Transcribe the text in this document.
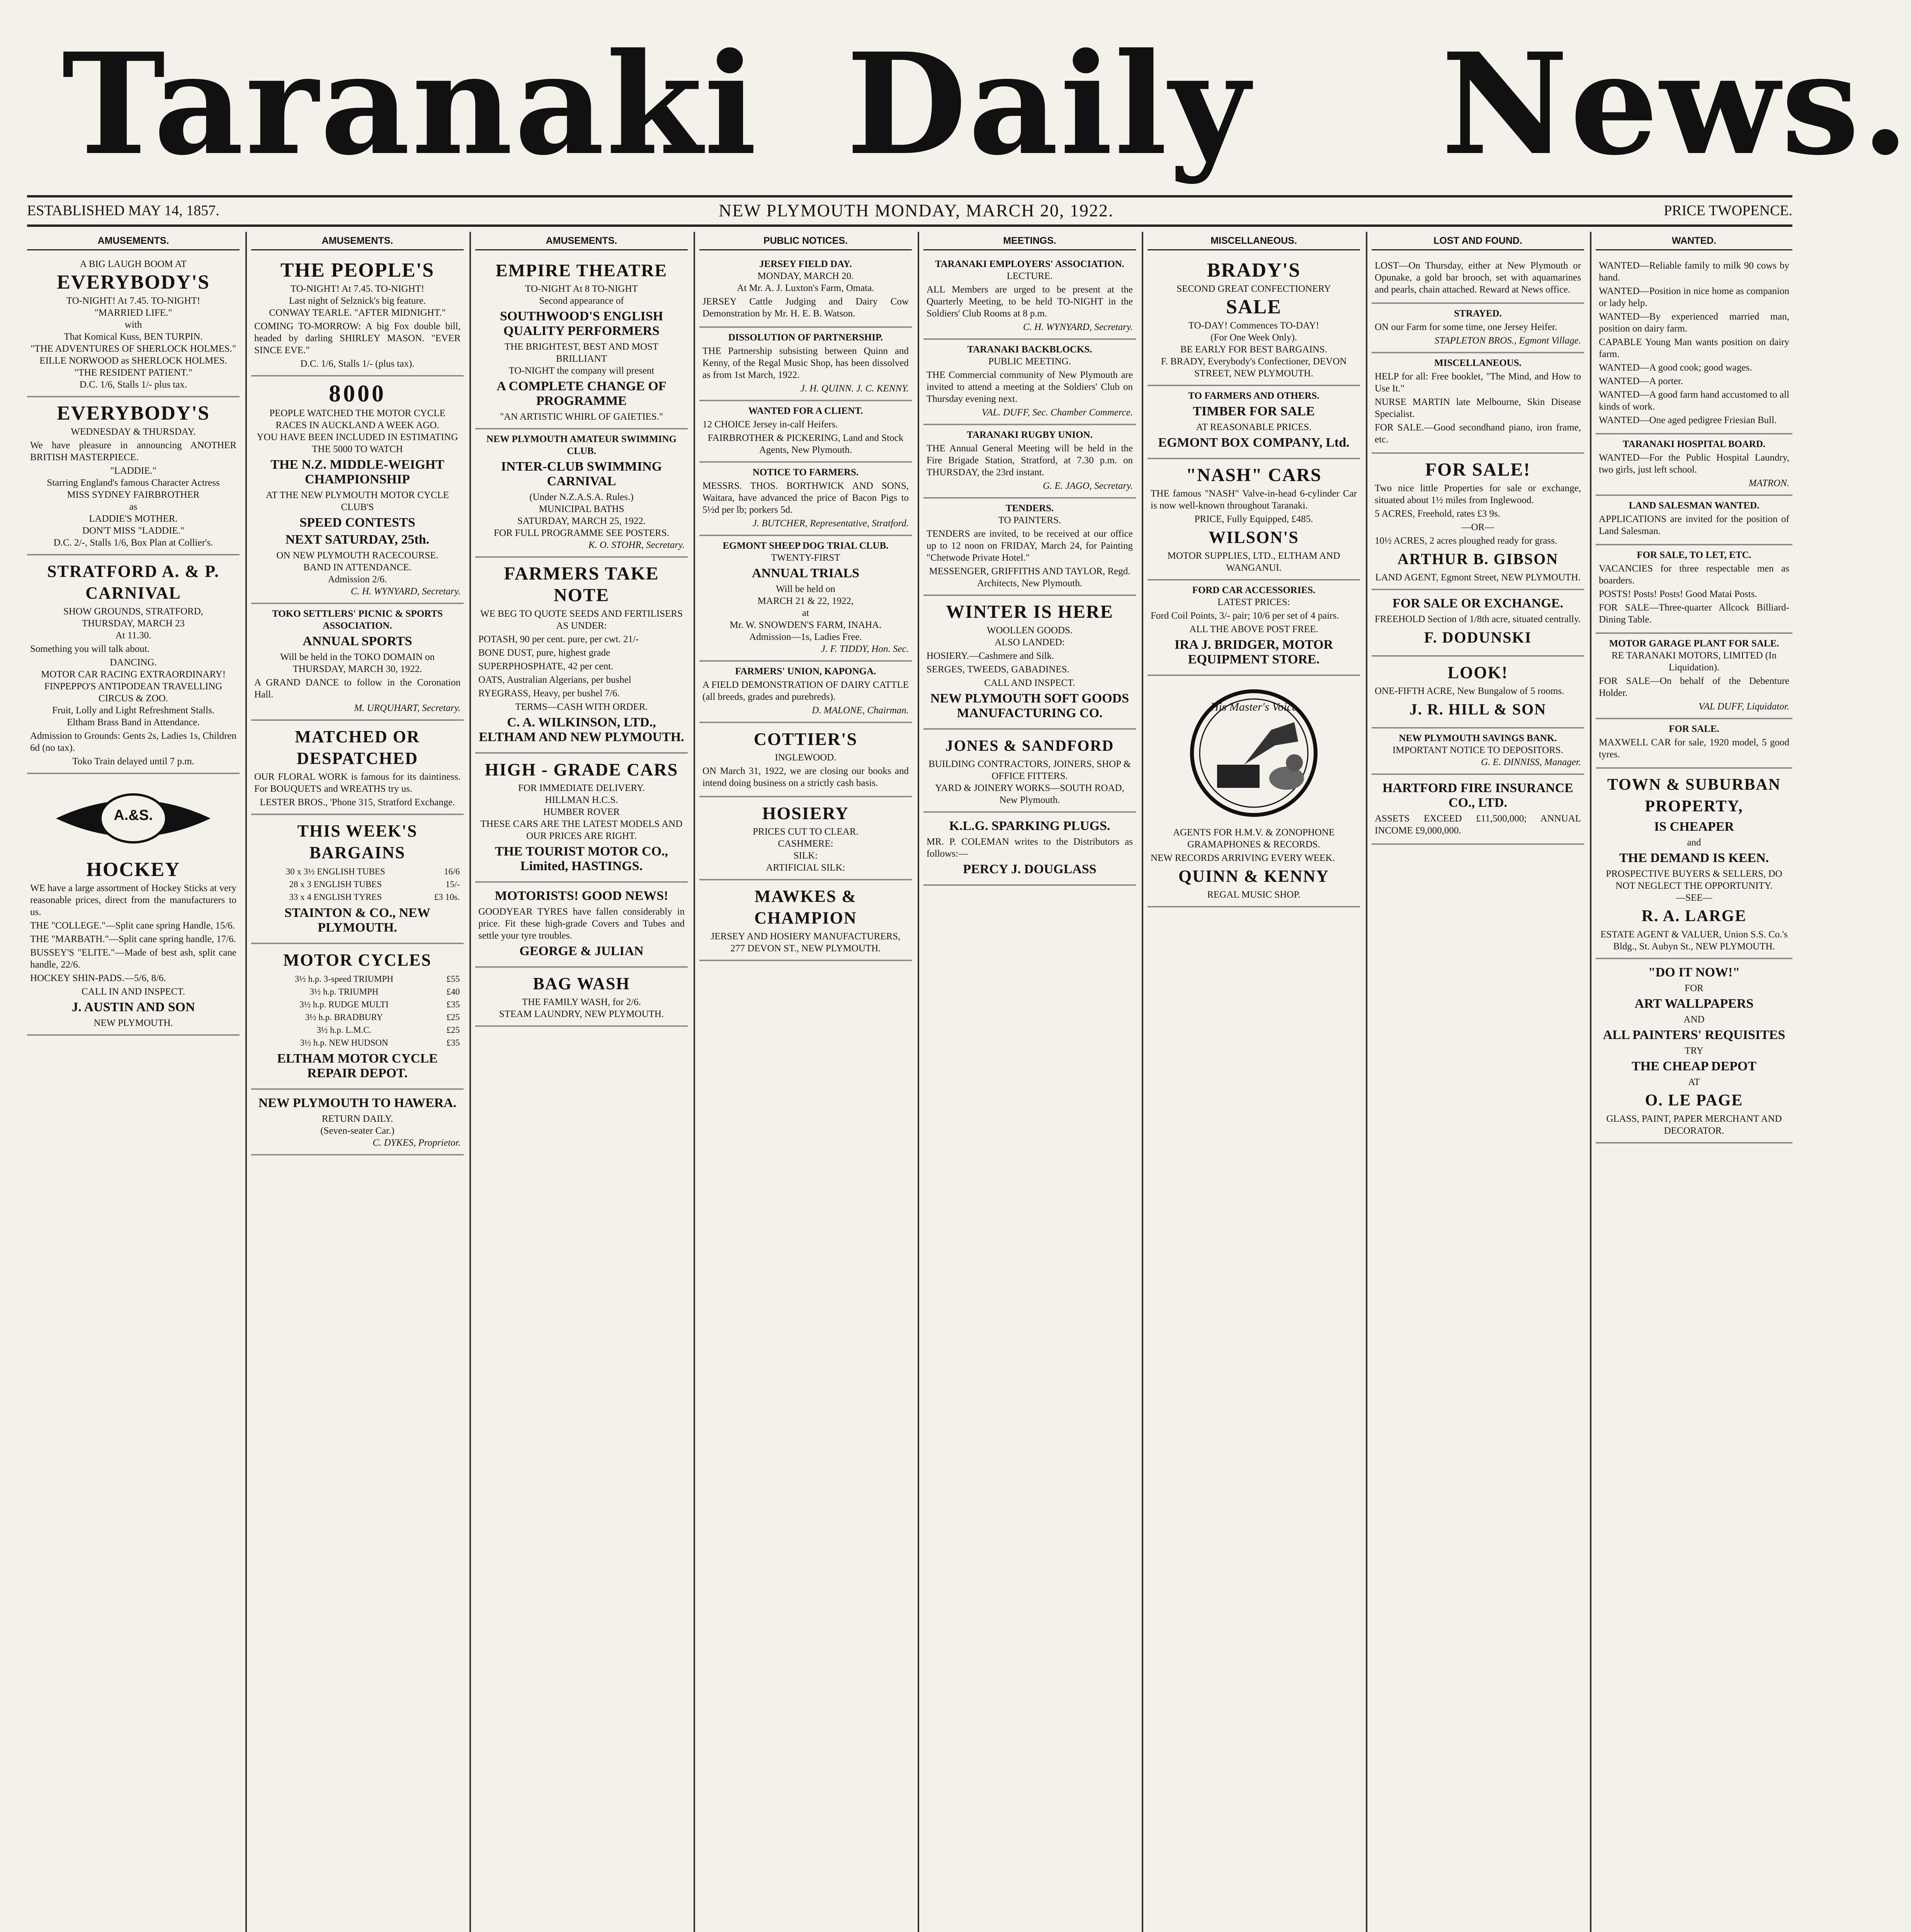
Taranaki Daily News.
ESTABLISHED MAY 14, 1857.	NEW PLYMOUTH MONDAY, MARCH 20, 1922.	PRICE TWOPENCE.
AMUSEMENTS.
A BIG LAUGH BOOM AT
EVERYBODY'S
TO-NIGHT! At 7.45. TO-NIGHT!
"MARRIED LIFE."
with
That Komical Kuss, BEN TURPIN.
"THE ADVENTURES OF SHERLOCK HOLMES."
EILLE NORWOOD as SHERLOCK HOLMES.
"THE RESIDENT PATIENT."
D.C. 1/6, Stalls 1/- plus tax.
EVERYBODY'S
WEDNESDAY & THURSDAY.

We have pleasure in announcing ANOTHER BRITISH MASTERPIECE.

"LADDIE."
Starring England's famous Character Actress
MISS SYDNEY FAIRBROTHER
as
LADDIE'S MOTHER.
DON'T MISS "LADDIE."
D.C. 2/-, Stalls 1/6, Box Plan at Collier's.
STRATFORD A. & P. CARNIVAL
SHOW GROUNDS, STRATFORD,
THURSDAY, MARCH 23
At 11.30.

Something you will talk about.

DANCING.
MOTOR CAR RACING EXTRAORDINARY!
FINPEPPO'S ANTIPODEAN TRAVELLING CIRCUS & ZOO.
Fruit, Lolly and Light Refreshment Stalls.
Eltham Brass Band in Attendance.

Admission to Grounds: Gents 2s, Ladies 1s, Children 6d (no tax).

Toko Train delayed until 7 p.m.
A.&S.
HOCKEY

WE have a large assortment of Hockey Sticks at very reasonable prices, direct from the manufacturers to us.

THE "COLLEGE."—Split cane spring Handle, 15/6.

THE "MARBATH."—Split cane spring handle, 17/6.

BUSSEY'S "ELITE."—Made of best ash, split cane handle, 22/6.

HOCKEY SHIN-PADS.—5/6, 8/6.

CALL IN AND INSPECT.
J. AUSTIN AND SON
NEW PLYMOUTH.
AMUSEMENTS.
THE PEOPLE'S
TO-NIGHT! At 7.45. TO-NIGHT!
Last night of Selznick's big feature.
CONWAY TEARLE. "AFTER MIDNIGHT."

COMING TO-MORROW: A big Fox double bill, headed by darling SHIRLEY MASON. "EVER SINCE EVE."

D.C. 1/6, Stalls 1/- (plus tax).
8000
PEOPLE WATCHED THE MOTOR CYCLE RACES IN AUCKLAND A WEEK AGO.
YOU HAVE BEEN INCLUDED IN ESTIMATING THE 5000 TO WATCH
THE N.Z. MIDDLE-WEIGHT CHAMPIONSHIP
AT THE NEW PLYMOUTH MOTOR CYCLE CLUB'S
SPEED CONTESTS
NEXT SATURDAY, 25th.
ON NEW PLYMOUTH RACECOURSE.
BAND IN ATTENDANCE.
Admission 2/6.
C. H. WYNYARD, Secretary.
TOKO SETTLERS' PICNIC & SPORTS ASSOCIATION.
ANNUAL SPORTS
Will be held in the TOKO DOMAIN on
THURSDAY, MARCH 30, 1922.

A GRAND DANCE to follow in the Coronation Hall.

M. URQUHART, Secretary.
MATCHED OR DESPATCHED

OUR FLORAL WORK is famous for its daintiness. For BOUQUETS and WREATHS try us.

LESTER BROS., 'Phone 315, Stratford Exchange.
THIS WEEK'S BARGAINS
30 x 3½ ENGLISH TUBES	16/6
28 x 3 ENGLISH TUBES	15/-
33 x 4 ENGLISH TYRES	£3 10s.
STAINTON & CO., NEW PLYMOUTH.
MOTOR CYCLES
3½ h.p. 3-speed TRIUMPH	£55
3½ h.p. TRIUMPH	£40
3½ h.p. RUDGE MULTI	£35
3½ h.p. BRADBURY	£25
3½ h.p. L.M.C.	£25
3½ h.p. NEW HUDSON	£35
ELTHAM MOTOR CYCLE REPAIR DEPOT.
NEW PLYMOUTH TO HAWERA.
RETURN DAILY.
(Seven-seater Car.)
C. DYKES, Proprietor.
AMUSEMENTS.
EMPIRE THEATRE
TO-NIGHT At 8 TO-NIGHT
Second appearance of
SOUTHWOOD'S ENGLISH QUALITY PERFORMERS
THE BRIGHTEST, BEST AND MOST BRILLIANT
TO-NIGHT the company will present
A COMPLETE CHANGE OF PROGRAMME
"AN ARTISTIC WHIRL OF GAIETIES."
NEW PLYMOUTH AMATEUR SWIMMING CLUB.
INTER-CLUB SWIMMING CARNIVAL
(Under N.Z.A.S.A. Rules.)
MUNICIPAL BATHS
SATURDAY, MARCH 25, 1922.
FOR FULL PROGRAMME SEE POSTERS.
K. O. STOHR, Secretary.
FARMERS TAKE NOTE
WE BEG TO QUOTE SEEDS AND FERTILISERS AS UNDER:

POTASH, 90 per cent. pure, per cwt. 21/-

BONE DUST, pure, highest grade

SUPERPHOSPHATE, 42 per cent.

OATS, Australian Algerians, per bushel

RYEGRASS, Heavy, per bushel 7/6.

TERMS—CASH WITH ORDER.
C. A. WILKINSON, LTD., ELTHAM AND NEW PLYMOUTH.
HIGH - GRADE CARS
FOR IMMEDIATE DELIVERY.
HILLMAN H.C.S.
HUMBER ROVER
THESE CARS ARE THE LATEST MODELS AND OUR PRICES ARE RIGHT.
THE TOURIST MOTOR CO., Limited, HASTINGS.
MOTORISTS! GOOD NEWS!

GOODYEAR TYRES have fallen considerably in price. Fit these high-grade Covers and Tubes and settle your tyre troubles.

GEORGE & JULIAN
BAG WASH
THE FAMILY WASH, for 2/6.
STEAM LAUNDRY, NEW PLYMOUTH.
PUBLIC NOTICES.
JERSEY FIELD DAY.
MONDAY, MARCH 20.
At Mr. A. J. Luxton's Farm, Omata.

JERSEY Cattle Judging and Dairy Cow Demonstration by Mr. H. E. B. Watson.

DISSOLUTION OF PARTNERSHIP.

THE Partnership subsisting between Quinn and Kenny, of the Regal Music Shop, has been dissolved as from 1st March, 1922.

J. H. QUINN. J. C. KENNY.
WANTED FOR A CLIENT.

12 CHOICE Jersey in-calf Heifers.

FAIRBROTHER & PICKERING, Land and Stock Agents, New Plymouth.
NOTICE TO FARMERS.

MESSRS. THOS. BORTHWICK AND SONS, Waitara, have advanced the price of Bacon Pigs to 5½d per lb; porkers 5d.

J. BUTCHER, Representative, Stratford.
EGMONT SHEEP DOG TRIAL CLUB.
TWENTY-FIRST
ANNUAL TRIALS
Will be held on
MARCH 21 & 22, 1922,
at
Mr. W. SNOWDEN'S FARM, INAHA.
Admission—1s, Ladies Free.
J. F. TIDDY, Hon. Sec.
FARMERS' UNION, KAPONGA.

A FIELD DEMONSTRATION OF DAIRY CATTLE (all breeds, grades and purebreds).

D. MALONE, Chairman.
COTTIER'S
INGLEWOOD.

ON March 31, 1922, we are closing our books and intend doing business on a strictly cash basis.

HOSIERY
PRICES CUT TO CLEAR.
CASHMERE:
SILK:
ARTIFICIAL SILK:
MAWKES & CHAMPION
JERSEY AND HOSIERY MANUFACTURERS,
277 DEVON ST., NEW PLYMOUTH.
MEETINGS.
TARANAKI EMPLOYERS' ASSOCIATION.
LECTURE.

ALL Members are urged to be present at the Quarterly Meeting, to be held TO-NIGHT in the Soldiers' Club Rooms at 8 p.m.

C. H. WYNYARD, Secretary.
TARANAKI BACKBLOCKS.
PUBLIC MEETING.

THE Commercial community of New Plymouth are invited to attend a meeting at the Soldiers' Club on Thursday evening next.

VAL. DUFF, Sec. Chamber Commerce.
TARANAKI RUGBY UNION.

THE Annual General Meeting will be held in the Fire Brigade Station, Stratford, at 7.30 p.m. on THURSDAY, the 23rd instant.

G. E. JAGO, Secretary.
TENDERS.
TO PAINTERS.

TENDERS are invited, to be received at our office up to 12 noon on FRIDAY, March 24, for Painting "Chetwode Private Hotel."

MESSENGER, GRIFFITHS AND TAYLOR, Regd. Architects, New Plymouth.
WINTER IS HERE
WOOLLEN GOODS.
ALSO LANDED:

HOSIERY.—Cashmere and Silk.

SERGES, TWEEDS, GABADINES.

CALL AND INSPECT.
NEW PLYMOUTH SOFT GOODS MANUFACTURING CO.
JONES & SANDFORD
BUILDING CONTRACTORS, JOINERS, SHOP & OFFICE FITTERS.
YARD & JOINERY WORKS—SOUTH ROAD, New Plymouth.
K.L.G. SPARKING PLUGS.

MR. P. COLEMAN writes to the Distributors as follows:—

PERCY J. DOUGLASS
MISCELLANEOUS.
BRADY'S
SECOND GREAT CONFECTIONERY
SALE
TO-DAY! Commences TO-DAY!
(For One Week Only).
BE EARLY FOR BEST BARGAINS.
F. BRADY, Everybody's Confectioner, DEVON STREET, NEW PLYMOUTH.
TO FARMERS AND OTHERS.
TIMBER FOR SALE
AT REASONABLE PRICES.
EGMONT BOX COMPANY, Ltd.
"NASH" CARS

THE famous "NASH" Valve-in-head 6-cylinder Car is now well-known throughout Taranaki.

PRICE, Fully Equipped, £485.
WILSON'S
MOTOR SUPPLIES, LTD., ELTHAM AND WANGANUI.
FORD CAR ACCESSORIES.
LATEST PRICES:

Ford Coil Points, 3/- pair; 10/6 per set of 4 pairs.

ALL THE ABOVE POST FREE.
IRA J. BRIDGER, MOTOR EQUIPMENT STORE.
His Master's Voice
AGENTS FOR H.M.V. & ZONOPHONE GRAMAPHONES & RECORDS.

NEW RECORDS ARRIVING EVERY WEEK.

QUINN & KENNY
REGAL MUSIC SHOP.
LOST AND FOUND.

LOST—On Thursday, either at New Plymouth or Opunake, a gold bar brooch, set with aquamarines and pearls, chain attached. Reward at News office.

STRAYED.

ON our Farm for some time, one Jersey Heifer.

STAPLETON BROS., Egmont Village.
MISCELLANEOUS.

HELP for all: Free booklet, "The Mind, and How to Use It."

NURSE MARTIN late Melbourne, Skin Disease Specialist.

FOR SALE.—Good secondhand piano, iron frame, etc.

FOR SALE!

Two nice little Properties for sale or exchange, situated about 1½ miles from Inglewood.

5 ACRES, Freehold, rates £3 9s.

—OR—

10½ ACRES, 2 acres ploughed ready for grass.

ARTHUR B. GIBSON
LAND AGENT, Egmont Street, NEW PLYMOUTH.
FOR SALE OR EXCHANGE.

FREEHOLD Section of 1/8th acre, situated centrally.

F. DODUNSKI
LOOK!

ONE-FIFTH ACRE, New Bungalow of 5 rooms.

J. R. HILL & SON
NEW PLYMOUTH SAVINGS BANK.
IMPORTANT NOTICE TO DEPOSITORS.
G. E. DINNISS, Manager.
HARTFORD FIRE INSURANCE CO., LTD.

ASSETS EXCEED £11,500,000; ANNUAL INCOME £9,000,000.

WANTED.

WANTED—Reliable family to milk 90 cows by hand.

WANTED—Position in nice home as companion or lady help.

WANTED—By experienced married man, position on dairy farm.

CAPABLE Young Man wants position on dairy farm.

WANTED—A good cook; good wages.

WANTED—A porter.

WANTED—A good farm hand accustomed to all kinds of work.

WANTED—One aged pedigree Friesian Bull.

TARANAKI HOSPITAL BOARD.

WANTED—For the Public Hospital Laundry, two girls, just left school.

MATRON.
LAND SALESMAN WANTED.

APPLICATIONS are invited for the position of Land Salesman.

FOR SALE, TO LET, ETC.

VACANCIES for three respectable men as boarders.

POSTS! Posts! Posts! Good Matai Posts.

FOR SALE—Three-quarter Allcock Billiard-Dining Table.

MOTOR GARAGE PLANT FOR SALE.
RE TARANAKI MOTORS, LIMITED (In Liquidation).

FOR SALE—On behalf of the Debenture Holder.

VAL DUFF, Liquidator.
FOR SALE.

MAXWELL CAR for sale, 1920 model, 5 good tyres.

TOWN & SUBURBAN PROPERTY,
IS CHEAPER
and
THE DEMAND IS KEEN.
PROSPECTIVE BUYERS & SELLERS, DO NOT NEGLECT THE OPPORTUNITY.
—SEE—
R. A. LARGE
ESTATE AGENT & VALUER, Union S.S. Co.'s Bldg., St. Aubyn St., NEW PLYMOUTH.
"DO IT NOW!"
FOR
ART WALLPAPERS
AND
ALL PAINTERS' REQUISITES
TRY
THE CHEAP DEPOT
AT
O. LE PAGE
GLASS, PAINT, PAPER MERCHANT AND DECORATOR.
